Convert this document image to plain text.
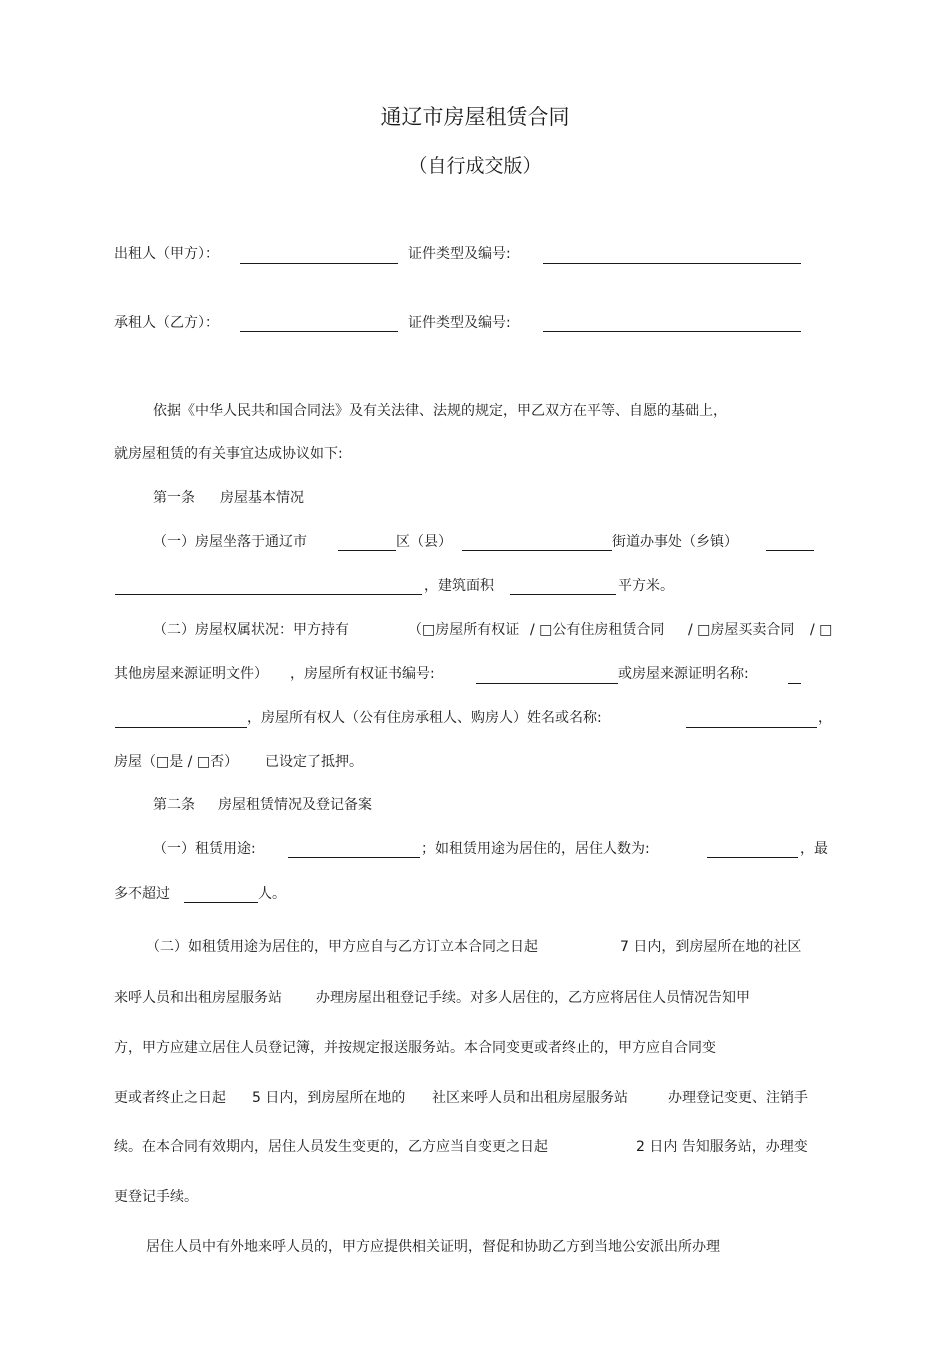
通辽市房屋租赁合同
（自行成交版）
出租人（甲方）：	证件类型及编号:
承租人（乙方）：	证件类型及编号:
依据《中华人民共和国合同法》及有关法律、法规的规定，甲乙双方在平等、自愿的基础上，
就房屋租赁的有关事宜达成协议如下:
第一条 房屋基本情况
（一）房屋坐落于通辽市	区（县）	街道办事处（乡镇）
，建筑面积	平方米。
（二）房屋权属状况：甲方持有	（□房屋所有权证 / □公有住房租赁合同 / □房屋买卖合同 / □
其他房屋来源证明文件） ，房屋所有权证书编号:	或房屋来源证明名称:
，房屋所有权人（公有住房承租人、购房人）姓名或名称:	，
房屋（□是 / □否） 已设定了抵押。
第二条 房屋租赁情况及登记备案
（一）租赁用途:	；如租赁用途为居住的，居住人数为:	，最
多不超过	人。
（二）如租赁用途为居住的，甲方应自与乙方订立本合同之日起	7 日内，到房屋所在地的社区
来呼人员和出租房屋服务站 办理房屋出租登记手续。对多人居住的，乙方应将居住人员情况告知甲
方，甲方应建立居住人员登记簿，并按规定报送服务站。本合同变更或者终止的，甲方应自合同变
更或者终止之日起 5 日内，到房屋所在地的 社区来呼人员和出租房屋服务站	办理登记变更、注销手
续。在本合同有效期内，居住人员发生变更的，乙方应当自变更之日起	2 日内 告知服务站，办理变
更登记手续。
居住人员中有外地来呼人员的，甲方应提供相关证明，督促和协助乙方到当地公安派出所办理
